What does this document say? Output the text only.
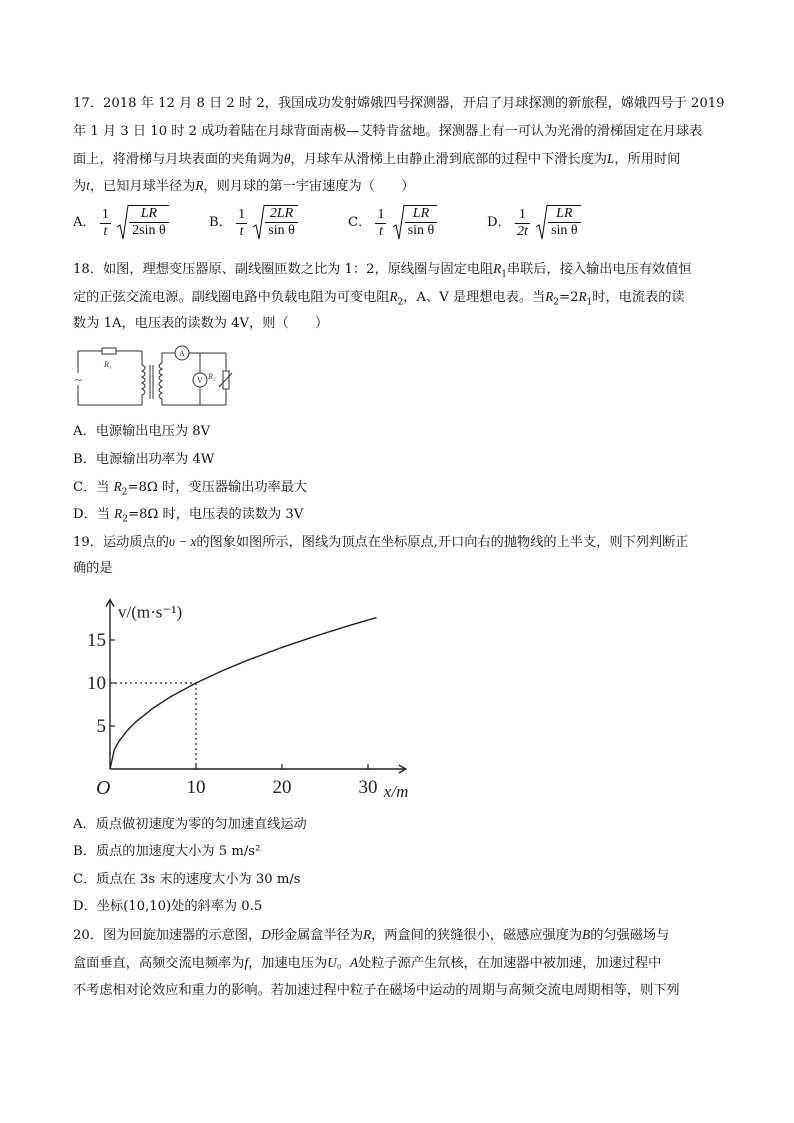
17．2018 年 12 月 8 日 2 时 2，我国成功发射嫦娥四号探测器，开启了月球探测的新旅程，嫦娥四号于 2019
年 1 月 3 日 10 时 2 成功着陆在月球背面南极—艾特肯盆地。探测器上有一可认为光滑的滑梯固定在月球表
面上，将滑梯与月块表面的夹角调为θ，月球车从滑梯上由静止滑到底部的过程中下滑长度为L，所用时间
为t，已知月球半径为R，则月球的第一宇宙速度为（　　）
A． $\frac{1}{t}$
$\frac{LR}{\text{2sin θ}}$	B． $\frac{1}{t}$
$\frac{2LR}{\text{sin θ}}$	C． $\frac{1}{t}$
$\frac{LR}{\text{sin θ}}$	D． $\frac{1}{2t}$
$\frac{LR}{\text{sin θ}}$
18．如图，理想变压器原、副线圈匝数之比为 1：2，原线圈与固定电阻$R_1$串联后，接入输出电压有效值恒
定的正弦交流电源。副线圈电路中负载电阻为可变电阻$R_2$，A、V 是理想电表。当$R_2=2R_1$时，电流表的读
数为 1A，电压表的读数为 4V，则（　　）
~
R₁
A
V R₂
A．电源输出电压为 8V
B．电源输出功率为 4W
C．当 $R_2=8\Omega$ 时，变压器输出功率最大
D．当 $R_2=8\Omega$ 时，电压表的读数为 3V
19．运动质点的υ − x的图象如图所示，图线为顶点在坐标原点,开口向右的抛物线的上半支，则下列判断正
确的是
10	20	30
5
10
15
O	x/m
v/(m·s⁻¹)
A．质点做初速度为零的匀加速直线运动
B．质点的加速度大小为 5 m/s²
C．质点在 3s 末的速度大小为 30 m/s
D．坐标(10,10)处的斜率为 0.5
20．图为回旋加速器的示意图，D形金属盒半径为R，两盒间的狭缝很小，磁感应强度为B的匀强磁场与
盒面垂直，高频交流电频率为f，加速电压为U。A处粒子源产生氘核，在加速器中被加速，加速过程中
不考虑相对论效应和重力的影响。若加速过程中粒子在磁场中运动的周期与高频交流电周期相等，则下列
